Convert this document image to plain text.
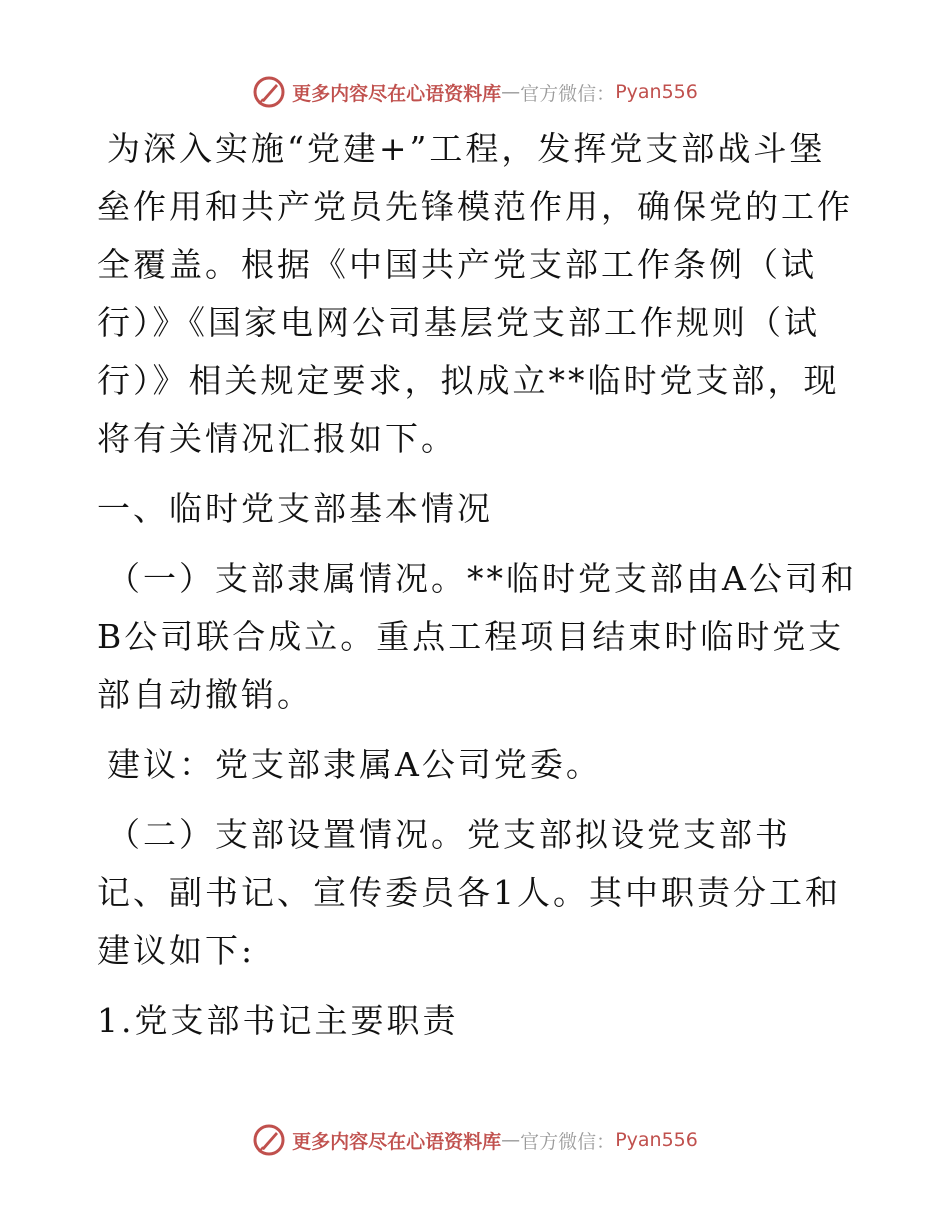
更多内容尽在心语资料库 — 官方微信： Pyan556

为深入实施“党建+”工程，发挥党支部战斗堡垒作用和共产党员先锋模范作用，确保党的工作全覆盖。根据《中国共产党支部工作条例（试行）》《国家电网公司基层党支部工作规则（试行）》相关规定要求，拟成立**临时党支部，现将有关情况汇报如下。

一、临时党支部基本情况

（一）支部隶属情况。**临时党支部由A公司和B公司联合成立。重点工程项目结束时临时党支部自动撤销。

建议：党支部隶属A公司党委。

（二）支部设置情况。党支部拟设党支部书记、副书记、宣传委员各1人。其中职责分工和建议如下:

1.党支部书记主要职责

更多内容尽在心语资料库 — 官方微信： Pyan556
